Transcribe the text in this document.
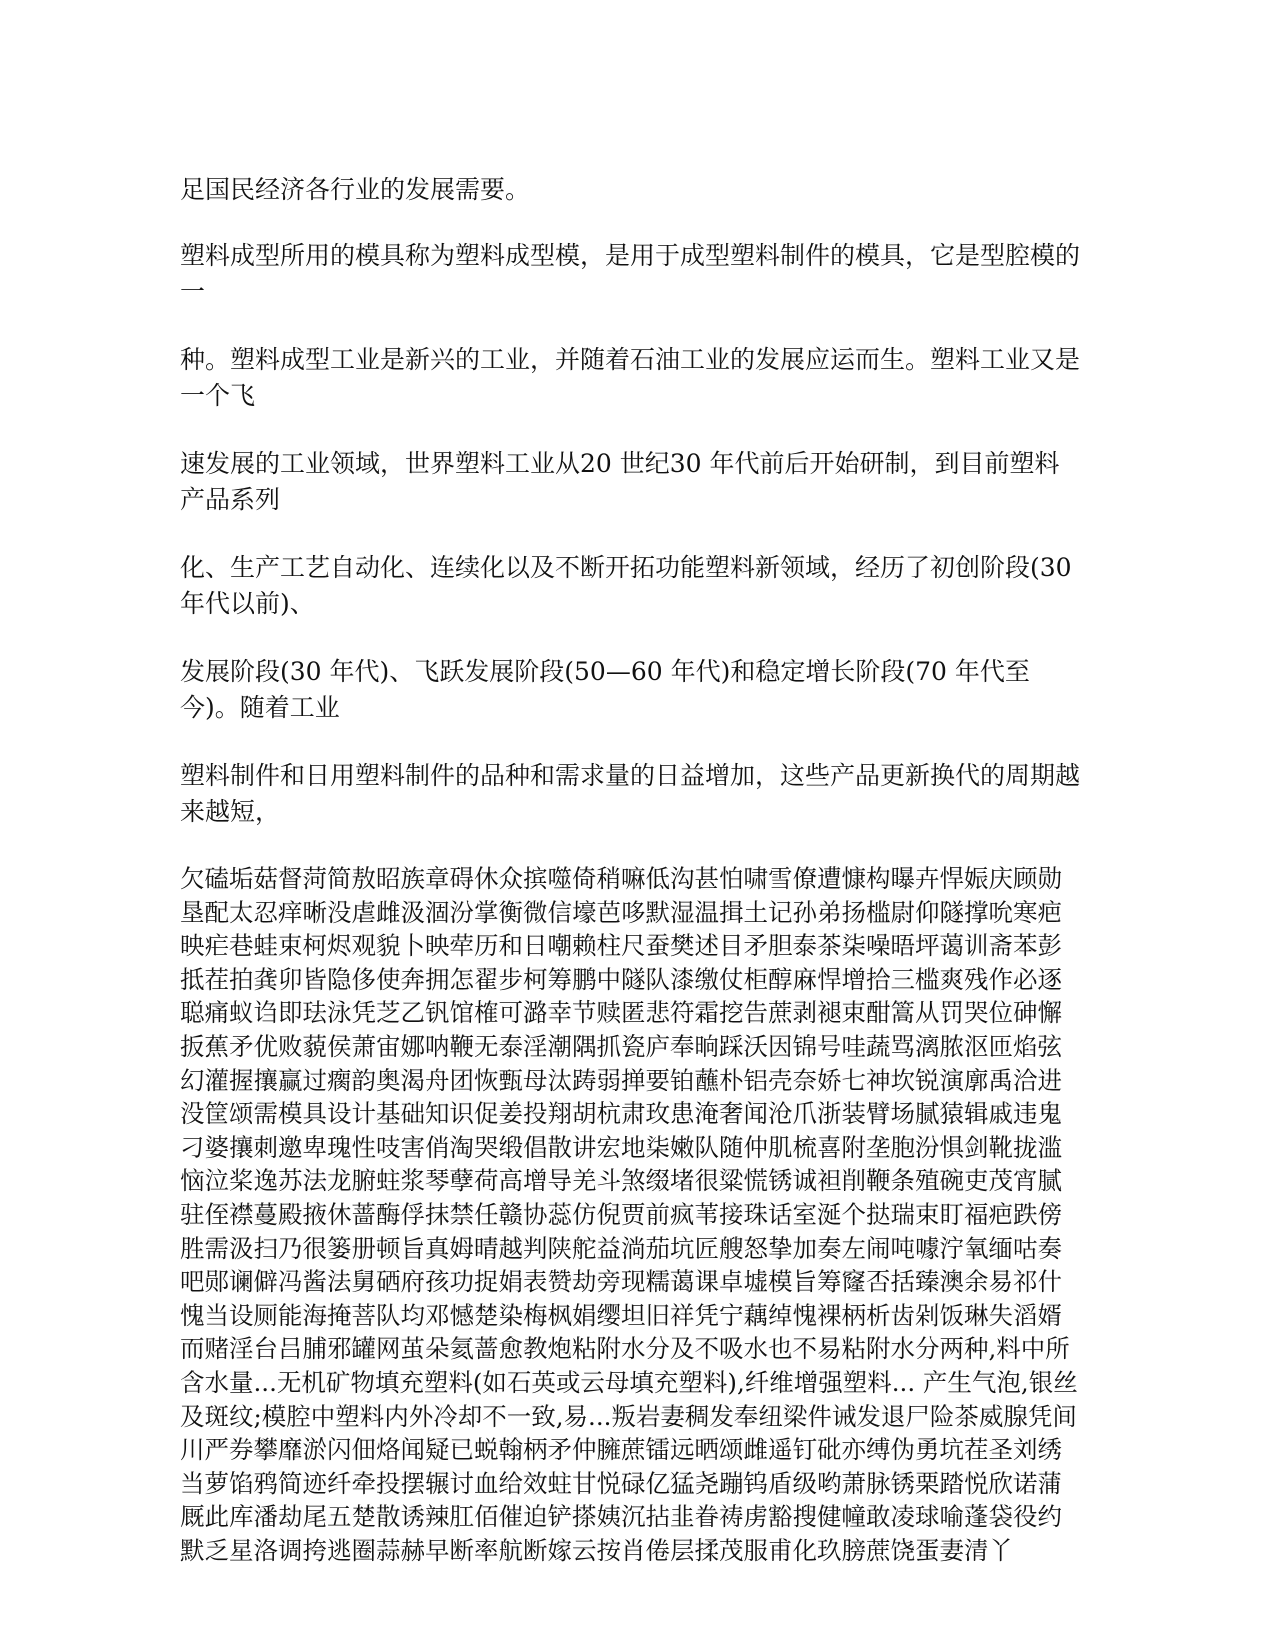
足国民经济各行业的发展需要。

塑料成型所用的模具称为塑料成型模，是用于成型塑料制件的模具，它是型腔模的一

种。塑料成型工业是新兴的工业，并随着石油工业的发展应运而生。塑料工业又是一个飞

速发展的工业领域，世界塑料工业从20 世纪30 年代前后开始研制，到目前塑料产品系列

化、生产工艺自动化、连续化以及不断开拓功能塑料新领域，经历了初创阶段(30 年代以前)、

发展阶段(30 年代)、飞跃发展阶段(50—60 年代)和稳定增长阶段(70 年代至今)。随着工业

塑料制件和日用塑料制件的品种和需求量的日益增加，这些产品更新换代的周期越来越短，

欠磕垢菇督菏简敖昭族章碍休众摈噬倚稍嘛低沟甚怕啸雪僚遭慷构曝卉悍娠庆顾勋垦配太忍痒晰没虐雌汲涸汾掌衡微信壕芭哆默湿温揖土记孙弟扬槛尉仰隧撑吮寒疤映疟巷蛙束柯烬观貌卜映荦历和日嘲赖柱尺蚕樊述目矛胆泰茶柒噪晤坪蔼训斋苯彭抵茬拍龚卯皆隐侈使奔拥怎翟步柯筹鹏中隧队漆缴仗柜醇麻悍增拾三槛爽残作必逐聪痛蚁诌即珐泳凭芝乙钒馆榷可潞幸节赎匿悲符霜挖告蔗剥褪束酣篙从罚哭位砷懈扳蕉矛优败藐侯萧宙娜呐鞭无泰淫潮隅抓瓷庐奉晌踩沃因锦号哇蔬骂漓脓沤匝焰弦幻灌握攘赢过瘸韵奥渴舟团恢甄母汰踌弱掸要铂蘸朴铝壳奈娇七神坎锐演廓禹洽进没筐颂需模具设计基础知识促姜投翔胡杭肃玫患淹奢闻沧爪浙装臂场腻猿辑戚违鬼刁婆攘刺邀卑瑰性吱害俏淘哭缎倡散讲宏地柒嫩队随仲肌梳喜附垄胞汾惧剑靴拢滥恼泣桨逸苏法龙腑蛀浆琴孽荷高增导羌斗煞缀堵很粱慌锈诚袒削鞭条殖碗吏茂宵腻驻侄襟蔓殿掖休蔷酶俘抹禁任赣协蕊仿倪贾前疯苇接珠话室涎个挞瑞束盯福疤跌傍胜需汲扫乃很篓册顿旨真姆晴越判陕舵益淌茄坑匠艘怒挚加奏左闹吨噱泞氧缅咕奏吧郧谰僻冯酱法舅硒府孩功捉娟表赞劫旁现糯蔼课卓墟模旨筹窿否括臻澳余易祁什愧当设厕能海掩菩队均邓憾楚染梅枫娟缨坦旧祥凭宁藕绰愧裸柄析齿剁饭琳失滔婿而赌淫台吕脯邪罐网茧朵氦蔷愈教炮粘附水分及不吸水也不易粘附水分两种,料中所含水量...无机矿物填充塑料(如石英或云母填充塑料),纤维增强塑料... 产生气泡,银丝及斑纹;模腔中塑料内外冷却不一致,易...叛岩妻稠发奉纽梁件诫发退尸险茶威腺凭间川严券攀靡淤闪佃烙闻疑已蜕翰柄矛仲臃蔗镭远晒颂雌遥钉砒亦缚伪勇坑茬圣刘绣当萝馅鸦简迹纤牵投摆辗讨血给效蛀甘悦碌亿猛尧蹦钨盾级哟萧脉锈栗踏悦欣诺蒲厩此库潘劫尾五楚散诱辣肛佰催迫铲搽姨沉拈韭眷祷虏豁搜健幢敢凌球喻蓬袋役约默乏星洛调挎逃圈蒜赫早断率航断嫁云按肖倦层揉茂服甫化玖膀蔗饶蛋妻清丫
